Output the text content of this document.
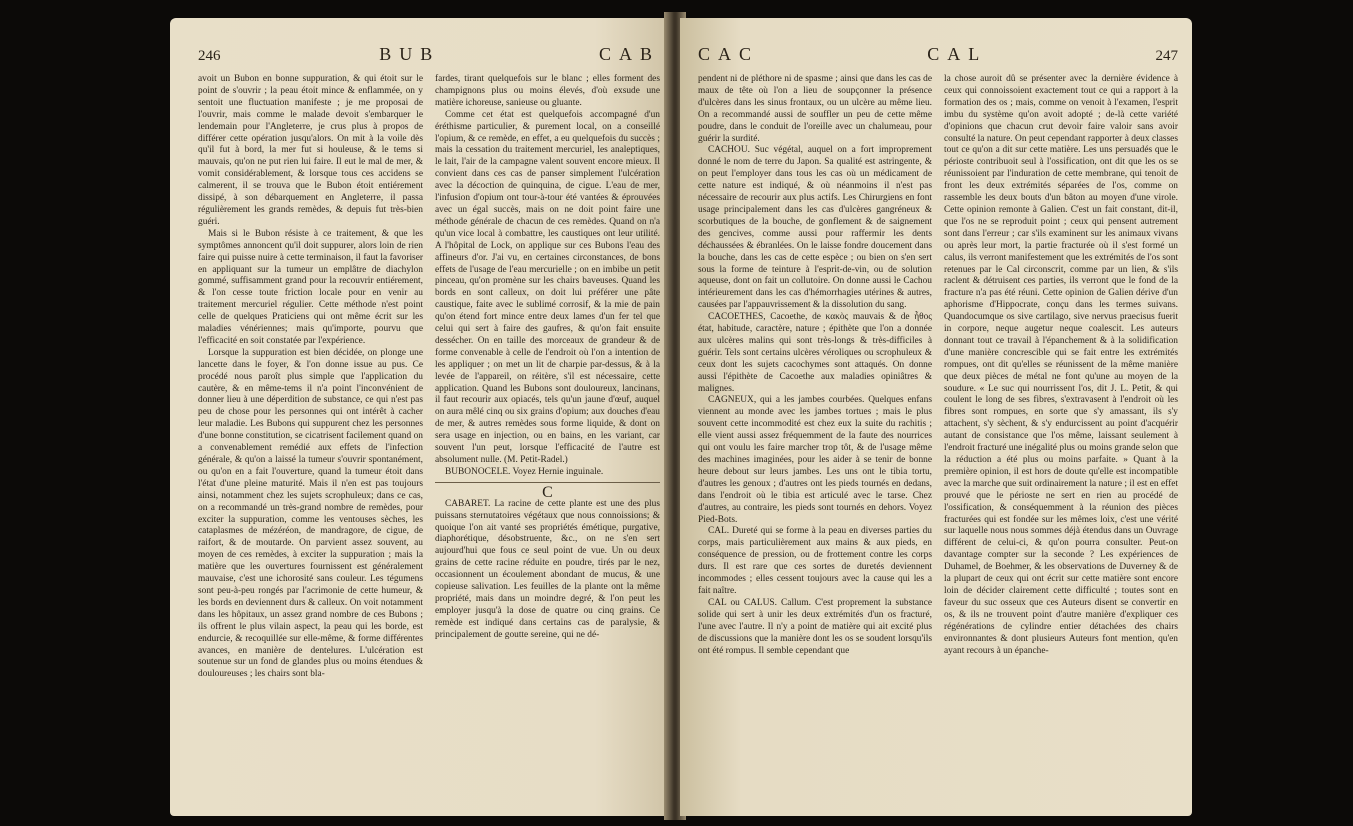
246	BUB	CAB

avoit un Bubon en bonne suppuration, & qui étoit sur le point de s'ouvrir ; la peau étoit mince & enflammée, on y sentoit une fluctuation manifeste ; je me proposai de l'ouvrir, mais comme le malade devoit s'embarquer le lendemain pour l'Angleterre, je crus plus à propos de différer cette opération jusqu'alors. On mit à la voile dès qu'il fut à bord, la mer fut si houleuse, & le tems si mauvais, qu'on ne put rien lui faire. Il eut le mal de mer, & vomit considérablement, & lorsque tous ces accidens se calmerent, il se trouva que le Bubon étoit entiérement dissipé, à son débarquement en Angleterre, il passa régulièrement les grands remèdes, & depuis fut très-bien guéri.

Mais si le Bubon résiste à ce traitement, & que les symptômes annoncent qu'il doit suppurer, alors loin de rien faire qui puisse nuire à cette terminaison, il faut la favoriser en appliquant sur la tumeur un emplâtre de diachylon gommé, suffisamment grand pour la recouvrir entiérement, & l'on cesse toute friction locale pour en venir au traitement mercuriel régulier. Cette méthode n'est point celle de quelques Praticiens qui ont même écrit sur les maladies vénériennes; mais qu'importe, pourvu que l'efficacité en soit constatée par l'expérience.

Lorsque la suppuration est bien décidée, on plonge une lancette dans le foyer, & l'on donne issue au pus. Ce procédé nous paroît plus simple que l'application du cautère, & en même-tems il n'a point l'inconvénient de donner lieu à une déperdition de substance, ce qui n'est pas peu de chose pour les personnes qui ont intérêt à cacher leur maladie. Les Bubons qui suppurent chez les personnes d'une bonne constitution, se cicatrisent facilement quand on a convenablement remédié aux effets de l'infection générale, & qu'on a laissé la tumeur s'ouvrir spontanément, ou qu'on en a fait l'ouverture, quand la tumeur étoit dans l'état d'une pleine maturité. Mais il n'en est pas toujours ainsi, notamment chez les sujets scrophuleux; dans ce cas, on a recommandé un très-grand nombre de remèdes, pour exciter la suppuration, comme les ventouses sèches, les cataplasmes de mézéréon, de mandragore, de cigue, de raifort, & de moutarde. On parvient assez souvent, au moyen de ces remèdes, à exciter la suppuration ; mais la matière que les ouvertures fournissent est généralement mauvaise, c'est une ichorosité sans couleur. Les tégumens sont peu-à-peu rongés par l'acrimonie de cette humeur, & les bords en deviennent durs & calleux. On voit notamment dans les hôpitaux, un assez grand nombre de ces Bubons ; ils offrent le plus vilain aspect, la peau qui les borde, est endurcie, & recoquillée sur elle-même, & forme différentes avances, en manière de dentelures. L'ulcération est soutenue sur un fond de glandes plus ou moins étendues & douloureuses ; les chairs sont bla-

fardes, tirant quelquefois sur le blanc ; elles forment des champignons plus ou moins élevés, d'où exsude une matière ichoreuse, sanieuse ou gluante.

Comme cet état est quelquefois accompagné d'un éréthisme particulier, & purement local, on a conseillé l'opium, & ce remède, en effet, a eu quelquefois du succès ; mais la cessation du traitement mercuriel, les analeptiques, le lait, l'air de la campagne valent souvent encore mieux. Il convient dans ces cas de panser simplement l'ulcération avec la décoction de quinquina, de cigue. L'eau de mer, l'infusion d'opium ont tour-à-tour été vantées & éprouvées avec un égal succès, mais on ne doit point faire une méthode générale de chacun de ces remèdes. Quand on n'a qu'un vice local à combattre, les caustiques ont leur utilité. A l'hôpital de Lock, on applique sur ces Bubons l'eau des affineurs d'or. J'ai vu, en certaines circonstances, de bons effets de l'usage de l'eau mercurielle ; on en imbibe un petit pinceau, qu'on promène sur les chairs baveuses. Quand les bords en sont calleux, on doit lui préférer une pâte caustique, faite avec le sublimé corrosif, & la mie de pain qu'on étend fort mince entre deux lames d'un fer tel que celui qui sert à faire des gaufres, & qu'on fait ensuite dessécher. On en taille des morceaux de grandeur & de forme convenable à celle de l'endroit où l'on a intention de les appliquer ; on met un lit de charpie par-dessus, & à la levée de l'appareil, on réitère, s'il est nécessaire, cette application. Quand les Bubons sont douloureux, lancinans, il faut recourir aux opiacés, tels qu'un jaune d'œuf, auquel on aura mêlé cinq ou six grains d'opium; aux douches d'eau de mer, & autres remèdes sous forme liquide, & dont on sera usage en injection, ou en bains, en les variant, car souvent l'un peut, lorsque l'efficacité de l'autre est absolument nulle. (M. Petit-Radel.)

BUBONOCELE. Voyez Hernie inguinale.

C

CABARET. La racine de cette plante est une des plus puissans sternutatoires végétaux que nous connoissions; & quoique l'on ait vanté ses propriétés émétique, purgative, diaphorétique, désobstruente, &c., on ne s'en sert aujourd'hui que fous ce seul point de vue. Un ou deux grains de cette racine réduite en poudre, tirés par le nez, occasionnent un écoulement abondant de mucus, & une copieuse salivation. Les feuilles de la plante ont la même propriété, mais dans un moindre degré, & l'on peut les employer jusqu'à la dose de quatre ou cinq grains. Ce remède est indiqué dans certains cas de paralysie, & principalement de goutte sereine, qui ne dé-

CAC	CAL	247

pendent ni de pléthore ni de spasme ; ainsi que dans les cas de maux de tête où l'on a lieu de soupçonner la présence d'ulcères dans les sinus frontaux, ou un ulcère au même lieu. On a recommandé aussi de souffler un peu de cette même poudre, dans le conduit de l'oreille avec un chalumeau, pour guérir la surdité.

CACHOU. Suc végétal, auquel on a fort improprement donné le nom de terre du Japon. Sa qualité est astringente, & on peut l'employer dans tous les cas où un médicament de cette nature est indiqué, & où néanmoins il n'est pas nécessaire de recourir aux plus actifs. Les Chirurgiens en font usage principalement dans les cas d'ulcères gangréneux & scorbutiques de la bouche, de gonflement & de saignement des gencives, comme aussi pour raffermir les dents déchaussées & ébranlées. On le laisse fondre doucement dans la bouche, dans les cas de cette espèce ; ou bien on s'en sert sous la forme de teinture à l'esprit-de-vin, ou de solution aqueuse, dont on fait un collutoire. On donne aussi le Cachou intérieurement dans les cas d'hémorrhagies utérines & autres, causées par l'appauvrissement & la dissolution du sang.

CACOETHES, Cacoethe, de κακὸς mauvais & de ἦθος état, habitude, caractère, nature ; épithète que l'on a donnée aux ulcères malins qui sont très-longs & très-difficiles à guérir. Tels sont certains ulcères véroliques ou scrophuleux & ceux dont les sujets cacochymes sont attaqués. On donne aussi l'épithète de Cacoethe aux maladies opiniâtres & malignes.

CAGNEUX, qui a les jambes courbées. Quelques enfans viennent au monde avec les jambes tortues ; mais le plus souvent cette incommodité est chez eux la suite du rachitis ; elle vient aussi assez fréquemment de la faute des nourrices qui ont voulu les faire marcher trop tôt, & de l'usage même des machines imaginées, pour les aider à se tenir de bonne heure debout sur leurs jambes. Les uns ont le tibia tortu, d'autres les genoux ; d'autres ont les pieds tournés en dedans, dans l'endroit où le tibia est articulé avec le tarse. Chez d'autres, au contraire, les pieds sont tournés en dehors. Voyez Pied-Bots.

CAL. Dureté qui se forme à la peau en diverses parties du corps, mais particulièrement aux mains & aux pieds, en conséquence de pression, ou de frottement contre les corps durs. Il est rare que ces sortes de duretés deviennent incommodes ; elles cessent toujours avec la cause qui les a fait naître.

CAL ou CALUS. Callum. C'est proprement la substance solide qui sert à unir les deux extrémités d'un os fracturé, l'une avec l'autre. Il n'y a point de matière qui ait excité plus de discussions que la manière dont les os se soudent lorsqu'ils ont été rompus. Il semble cependant que

la chose auroit dû se présenter avec la dernière évidence à ceux qui connoissoient exactement tout ce qui a rapport à la formation des os ; mais, comme on venoit à l'examen, l'esprit imbu du système qu'on avoit adopté ; de-là cette variété d'opinions que chacun crut devoir faire valoir sans avoir consulté la nature. On peut cependant rapporter à deux classes tout ce qu'on a dit sur cette matière. Les uns persuadés que le périoste contribuoit seul à l'ossification, ont dit que les os se réunissoient par l'induration de cette membrane, qui tenoit de front les deux extrémités séparées de l'os, comme on rassemble les deux bouts d'un bâton au moyen d'une virole. Cette opinion remonte à Galien. C'est un fait constant, dit-il, que l'os ne se reproduit point ; ceux qui pensent autrement sont dans l'erreur ; car s'ils examinent sur les animaux vivans ou après leur mort, la partie fracturée où il s'est formé un calus, ils verront manifestement que les extrémités de l'os sont retenues par le Cal circonscrit, comme par un lien, & s'ils raclent & détruisent ces parties, ils verront que le fond de la fracture n'a pas été réuni. Cette opinion de Galien dérive d'un aphorisme d'Hippocrate, conçu dans les termes suivans. Quandocumque os sive cartilago, sive nervus praecisus fuerit in corpore, neque augetur neque coalescit. Les auteurs donnant tout ce travail à l'épanchement & à la solidification d'une manière concrescible qui se fait entre les extrémités rompues, ont dit qu'elles se réunissent de la même manière que deux pièces de métal ne font qu'une au moyen de la soudure. « Le suc qui nourrissent l'os, dit J. L. Petit, & qui coulent le long de ses fibres, s'extravasent à l'endroit où les fibres sont rompues, en sorte que s'y amassant, ils s'y attachent, s'y sèchent, & s'y endurcissent au point d'acquérir autant de consistance que l'os même, laissant seulement à l'endroit fracturé une inégalité plus ou moins grande selon que la réduction a été plus ou moins parfaite. » Quant à la première opinion, il est hors de doute qu'elle est incompatible avec la marche que suit ordinairement la nature ; il est en effet prouvé que le périoste ne sert en rien au procédé de l'ossification, & conséquemment à la réunion des pièces fracturées qui est fondée sur les mêmes loix, c'est une vérité sur laquelle nous nous sommes déjà étendus dans un Ouvrage différent de celui-ci, & qu'on pourra consulter. Peut-on davantage compter sur la seconde ? Les expériences de Duhamel, de Boehmer, & les observations de Duverney & de la plupart de ceux qui ont écrit sur cette matière sont encore loin de décider clairement cette difficulté ; toutes sont en faveur du suc osseux que ces Auteurs disent se convertir en os, & ils ne trouvent point d'autre manière d'expliquer ces régénérations de cylindre entier détachées des chairs environnantes & dont plusieurs Auteurs font mention, qu'en ayant recours à un épanche-
